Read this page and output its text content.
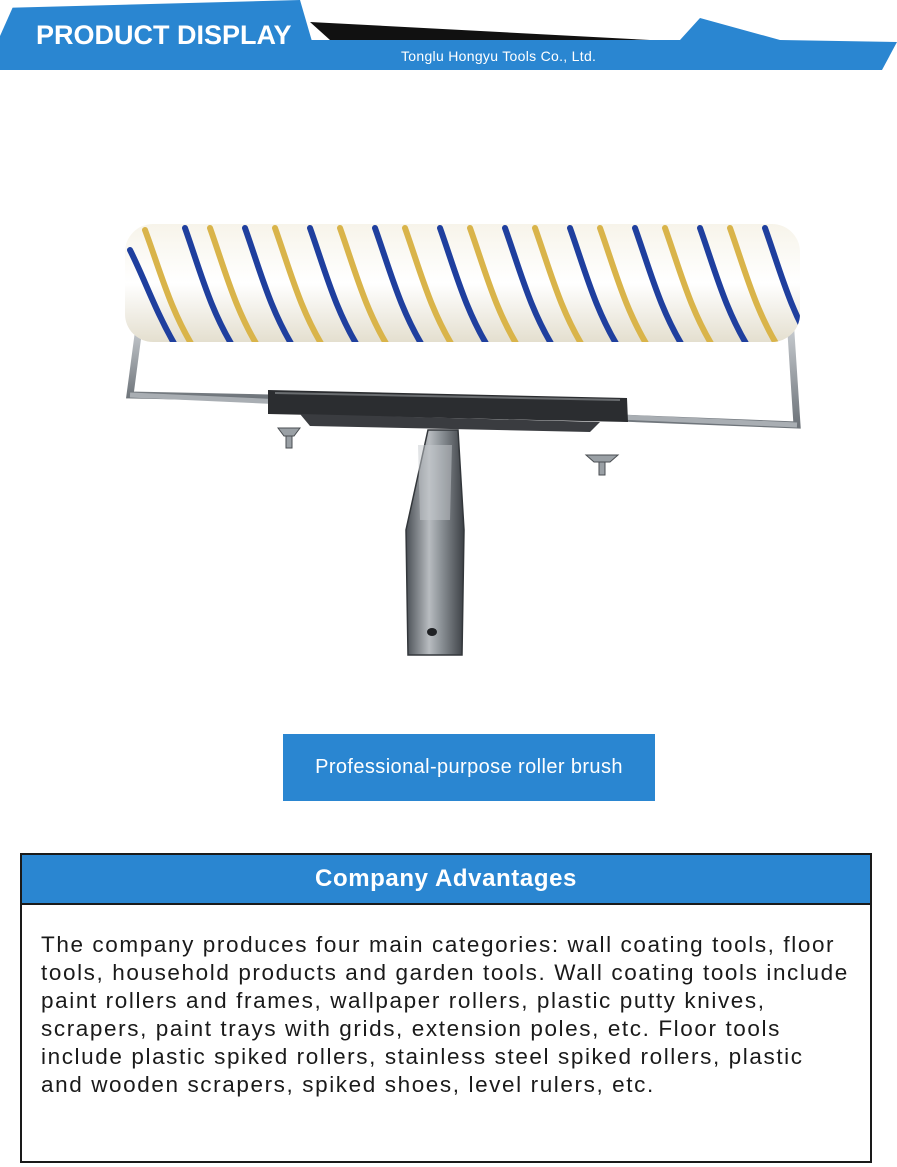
PRODUCT DISPLAY
Tonglu Hongyu Tools Co., Ltd.
Professional-purpose roller brush
Company Advantages
The company produces four main categories: wall coating tools, floor tools, household products and garden tools. Wall coating tools include paint rollers and frames, wallpaper rollers, plastic putty knives, scrapers, paint trays with grids, extension poles, etc. Floor tools include plastic spiked rollers, stainless steel spiked rollers, plastic and wooden scrapers, spiked shoes, level rulers, etc.
